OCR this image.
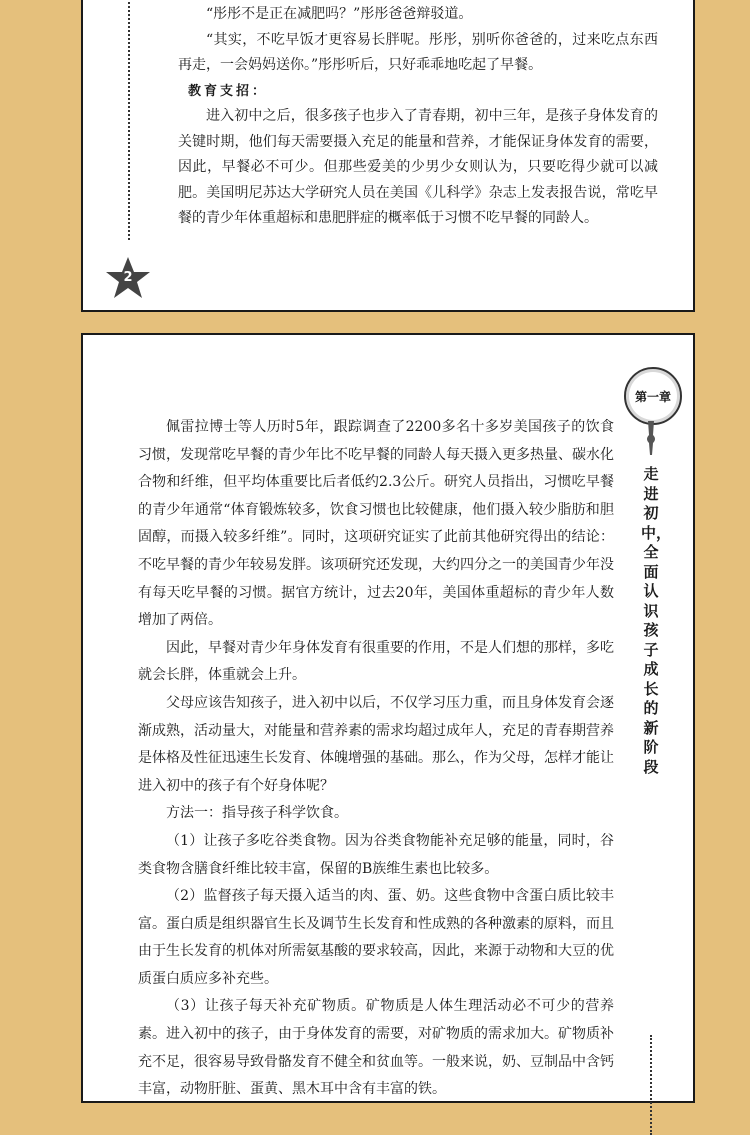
2

“彤彤不是正在减肥吗？”彤彤爸爸辩驳道。

“其实，不吃早饭才更容易长胖呢。彤彤，别听你爸爸的，过来吃点东西再走，一会妈妈送你。”彤彤听后，只好乖乖地吃起了早餐。

教育支招：

进入初中之后，很多孩子也步入了青春期，初中三年，是孩子身体发育的关键时期，他们每天需要摄入充足的能量和营养，才能保证身体发育的需要，因此，早餐必不可少。但那些爱美的少男少女则认为，只要吃得少就可以减肥。美国明尼苏达大学研究人员在美国《儿科学》杂志上发表报告说，常吃早餐的青少年体重超标和患肥胖症的概率低于习惯不吃早餐的同龄人。

第一章
走进初中，全面认识孩子成长的新阶段

佩雷拉博士等人历时5年，跟踪调查了2200多名十多岁美国孩子的饮食习惯，发现常吃早餐的青少年比不吃早餐的同龄人每天摄入更多热量、碳水化合物和纤维，但平均体重要比后者低约2.3公斤。研究人员指出，习惯吃早餐的青少年通常“体育锻炼较多，饮食习惯也比较健康，他们摄入较少脂肪和胆固醇，而摄入较多纤维”。同时，这项研究证实了此前其他研究得出的结论：不吃早餐的青少年较易发胖。该项研究还发现，大约四分之一的美国青少年没有每天吃早餐的习惯。据官方统计，过去20年，美国体重超标的青少年人数增加了两倍。

因此，早餐对青少年身体发育有很重要的作用，不是人们想的那样，多吃就会长胖，体重就会上升。

父母应该告知孩子，进入初中以后，不仅学习压力重，而且身体发育会逐渐成熟，活动量大，对能量和营养素的需求均超过成年人，充足的青春期营养是体格及性征迅速生长发育、体魄增强的基础。那么，作为父母，怎样才能让进入初中的孩子有个好身体呢？

方法一：指导孩子科学饮食。

（1）让孩子多吃谷类食物。因为谷类食物能补充足够的能量，同时，谷类食物含膳食纤维比较丰富，保留的B族维生素也比较多。

（2）监督孩子每天摄入适当的肉、蛋、奶。这些食物中含蛋白质比较丰富。蛋白质是组织器官生长及调节生长发育和性成熟的各种激素的原料，而且由于生长发育的机体对所需氨基酸的要求较高，因此，来源于动物和大豆的优质蛋白质应多补充些。

（3）让孩子每天补充矿物质。矿物质是人体生理活动必不可少的营养素。进入初中的孩子，由于身体发育的需要，对矿物质的需求加大。矿物质补充不足，很容易导致骨骼发育不健全和贫血等。一般来说，奶、豆制品中含钙丰富，动物肝脏、蛋黄、黑木耳中含有丰富的铁。
